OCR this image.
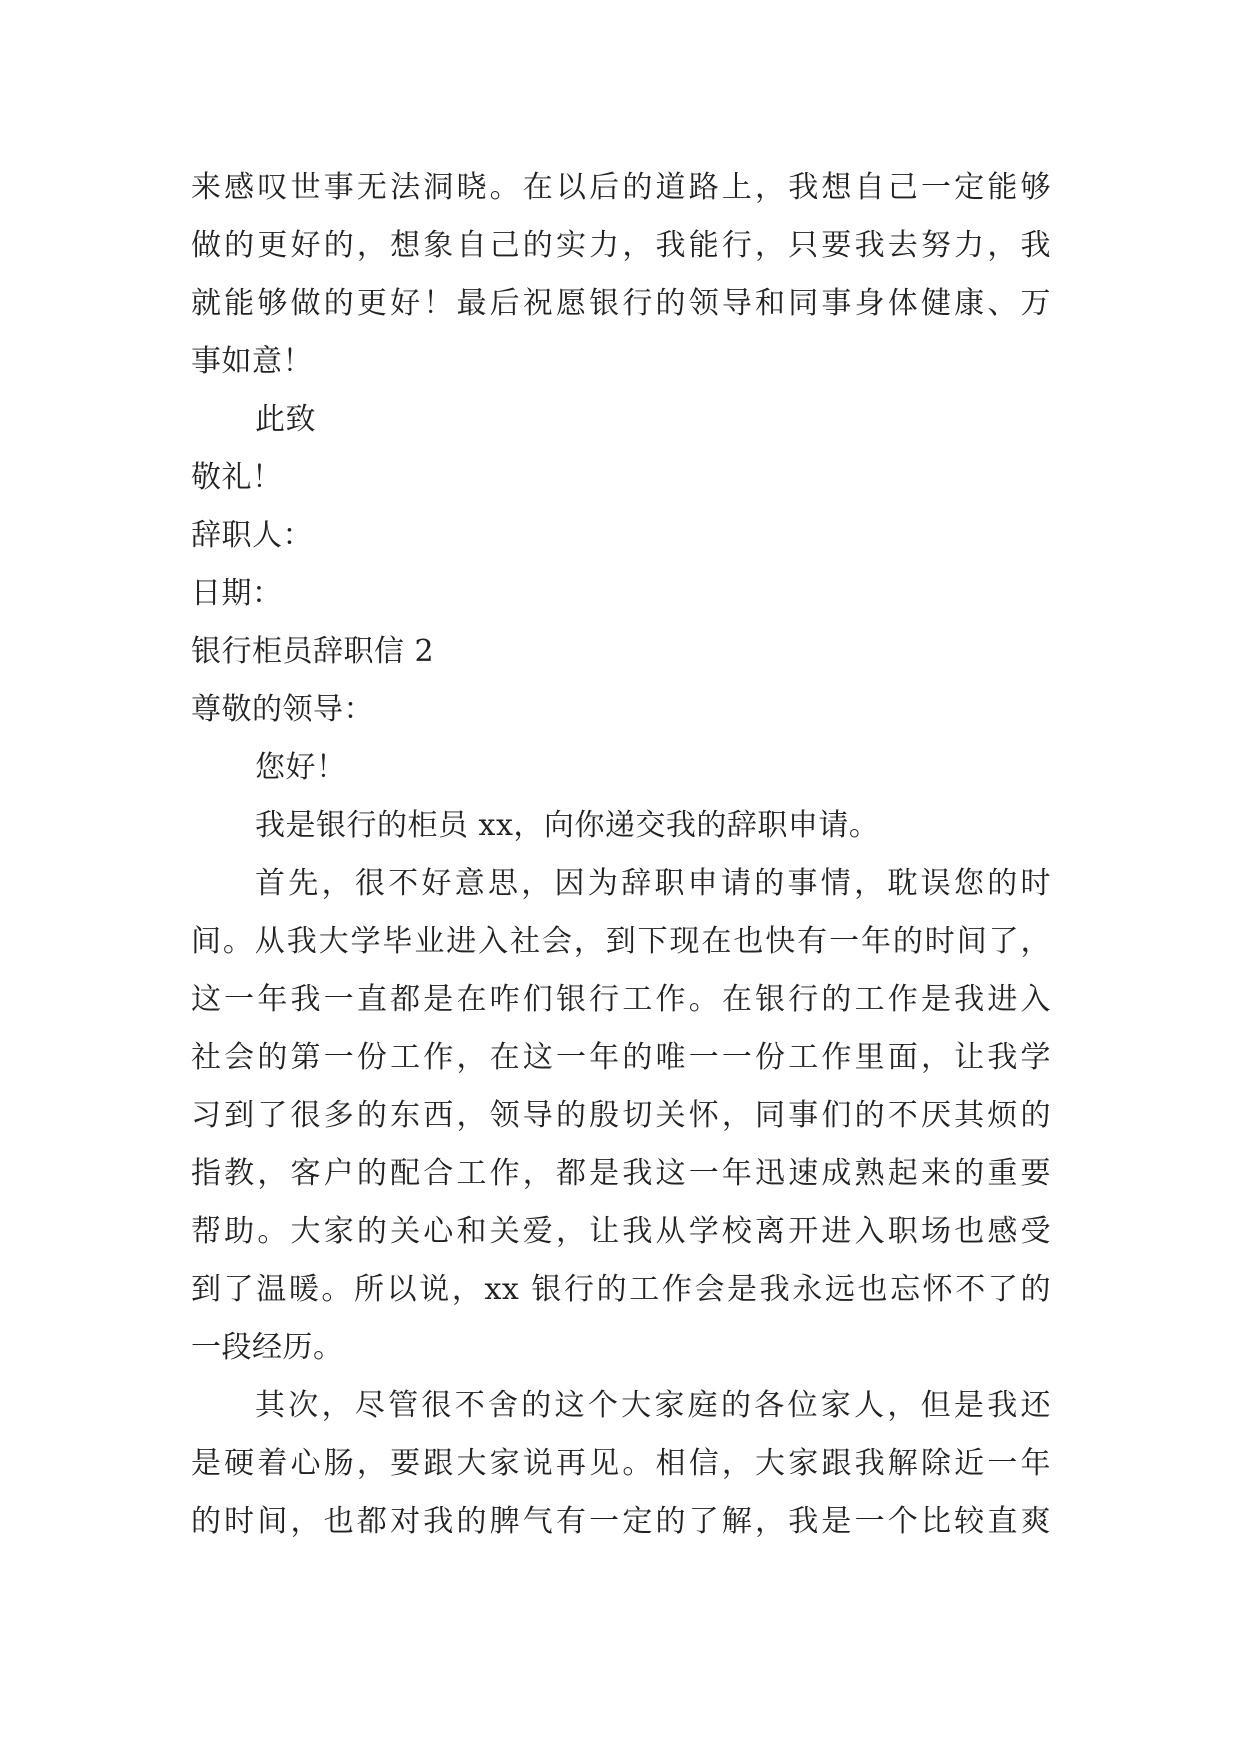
来感叹世事无法洞晓。在以后的道路上，我想自己一定能够
做的更好的，想象自己的实力，我能行，只要我去努力，我
就能够做的更好！最后祝愿银行的领导和同事身体健康、万
事如意！
此致
敬礼！
辞职人：
日期：
银行柜员辞职信 2
尊敬的领导：
您好！
我是银行的柜员 xx，向你递交我的辞职申请。
首先，很不好意思，因为辞职申请的事情，耽误您的时
间。从我大学毕业进入社会，到下现在也快有一年的时间了，
这一年我一直都是在咋们银行工作。在银行的工作是我进入
社会的第一份工作，在这一年的唯一一份工作里面，让我学
习到了很多的东西，领导的殷切关怀，同事们的不厌其烦的
指教，客户的配合工作，都是我这一年迅速成熟起来的重要
帮助。大家的关心和关爱，让我从学校离开进入职场也感受
到了温暖。所以说，xx 银行的工作会是我永远也忘怀不了的
一段经历。
其次，尽管很不舍的这个大家庭的各位家人，但是我还
是硬着心肠，要跟大家说再见。相信，大家跟我解除近一年
的时间，也都对我的脾气有一定的了解，我是一个比较直爽
